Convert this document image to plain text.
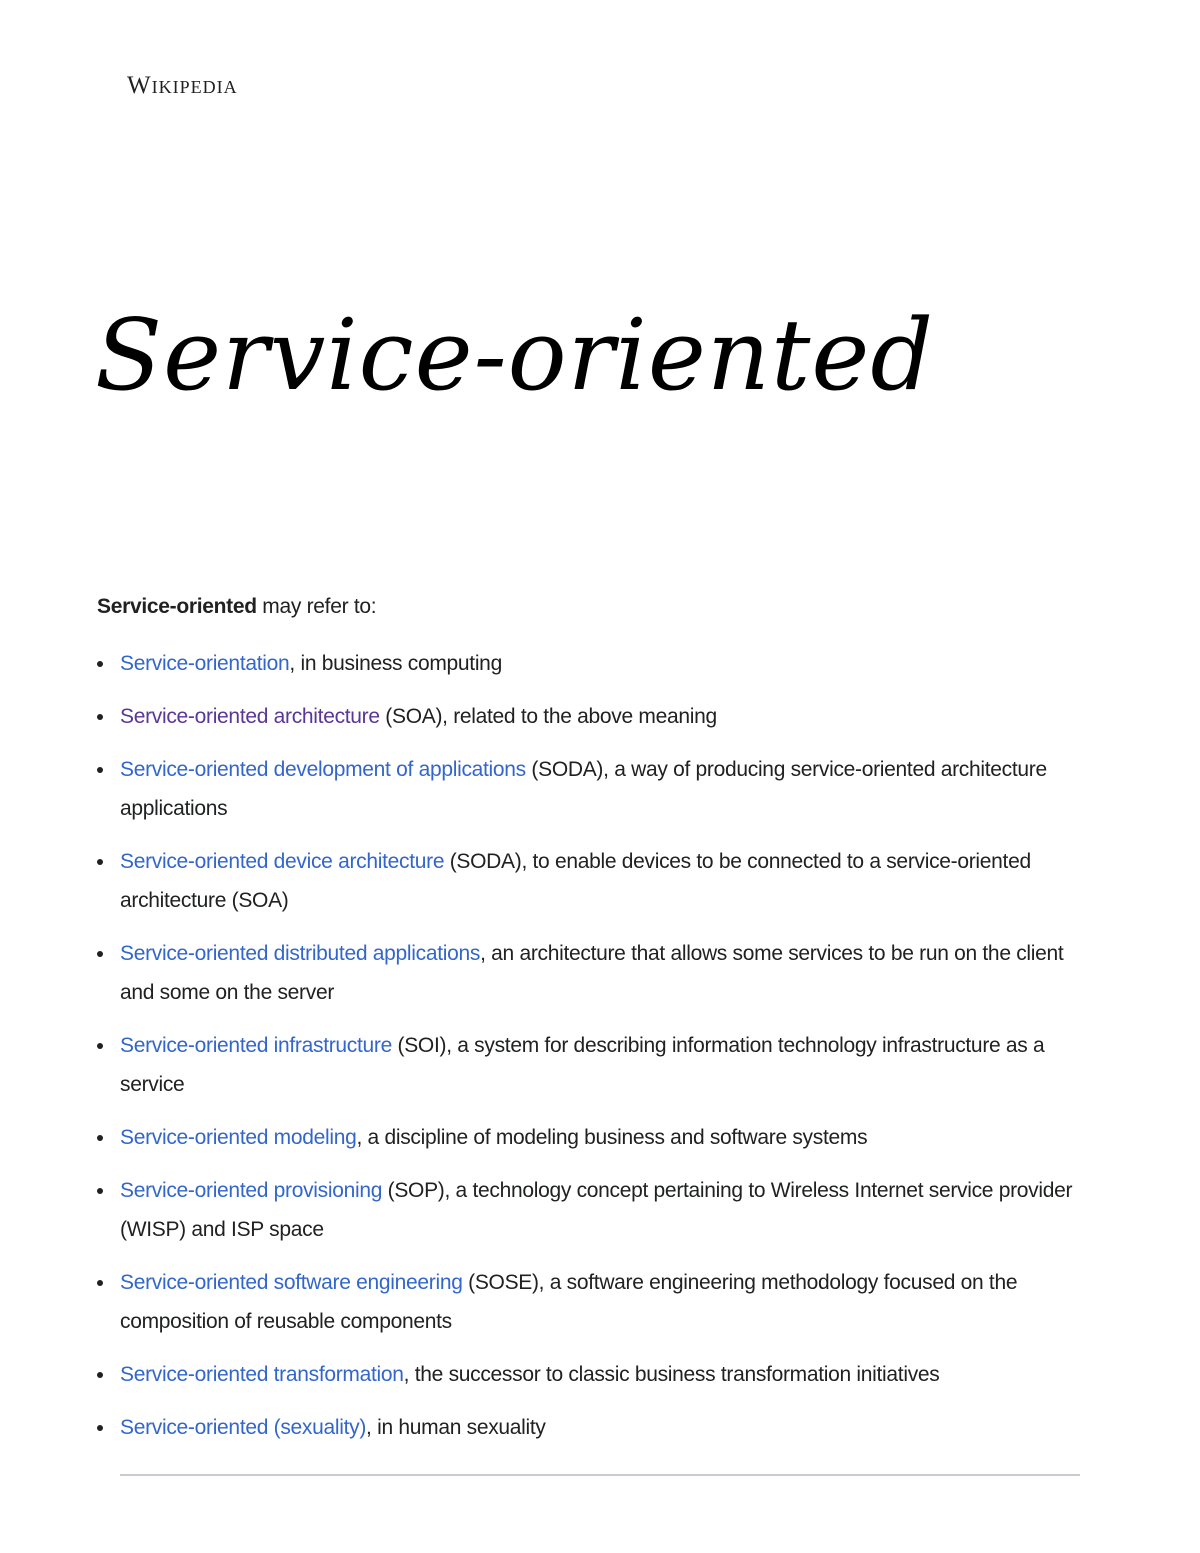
Wikipedia
Service-oriented

Service-oriented may refer to:

Service-orientation, in business computing
Service-oriented architecture (SOA), related to the above meaning
Service-oriented development of applications (SODA), a way of producing service-oriented architecture applications
Service-oriented device architecture (SODA), to enable devices to be connected to a service-oriented architecture (SOA)
Service-oriented distributed applications, an architecture that allows some services to be run on the client and some on the server
Service-oriented infrastructure (SOI), a system for describing information technology infrastructure as a service
Service-oriented modeling, a discipline of modeling business and software systems
Service-oriented provisioning (SOP), a technology concept pertaining to Wireless Internet service provider (WISP) and ISP space
Service-oriented software engineering (SOSE), a software engineering methodology focused on the composition of reusable components
Service-oriented transformation, the successor to classic business transformation initiatives
Service-oriented (sexuality), in human sexuality
